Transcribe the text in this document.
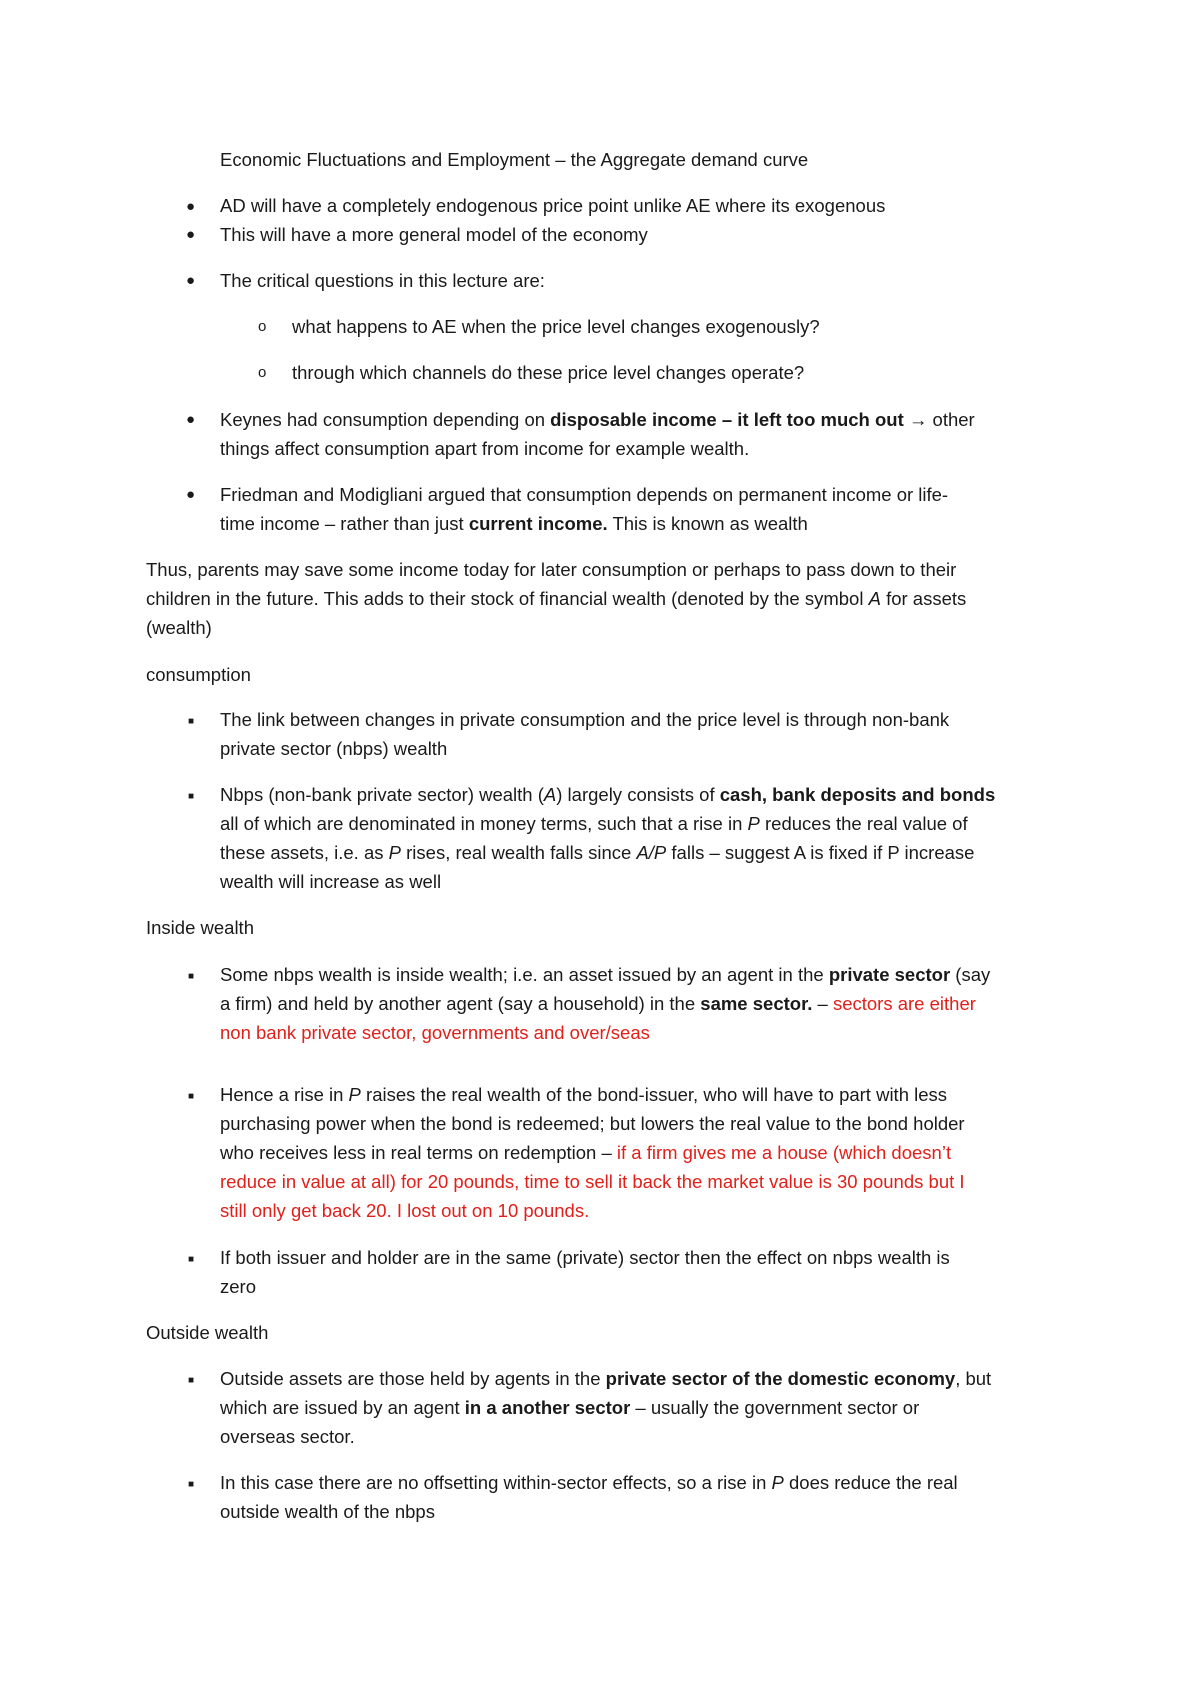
Economic Fluctuations and Employment – the Aggregate demand curve
● AD will have a completely endogenous price point unlike AE where its exogenous
● This will have a more general model of the economy
● The critical questions in this lecture are:
o what happens to AE when the price level changes exogenously?
o through which channels do these price level changes operate?
● Keynes had consumption depending on disposable income – it left too much out → other
things affect consumption apart from income for example wealth.
● Friedman and Modigliani argued that consumption depends on permanent income or life-
time income – rather than just current income. This is known as wealth
Thus, parents may save some income today for later consumption or perhaps to pass down to their
children in the future. This adds to their stock of financial wealth (denoted by the symbol A for assets
(wealth)
consumption
■ The link between changes in private consumption and the price level is through non-bank
private sector (nbps) wealth
■ Nbps (non-bank private sector) wealth (A) largely consists of cash, bank deposits and bonds
all of which are denominated in money terms, such that a rise in P reduces the real value of
these assets, i.e. as P rises, real wealth falls since A/P falls – suggest A is fixed if P increase
wealth will increase as well
Inside wealth
■ Some nbps wealth is inside wealth; i.e. an asset issued by an agent in the private sector (say
a firm) and held by another agent (say a household) in the same sector. – sectors are either
non bank private sector, governments and over/seas
■ Hence a rise in P raises the real wealth of the bond-issuer, who will have to part with less
purchasing power when the bond is redeemed; but lowers the real value to the bond holder
who receives less in real terms on redemption – if a firm gives me a house (which doesn’t
reduce in value at all) for 20 pounds, time to sell it back the market value is 30 pounds but I
still only get back 20. I lost out on 10 pounds.
■ If both issuer and holder are in the same (private) sector then the effect on nbps wealth is
zero
Outside wealth
■ Outside assets are those held by agents in the private sector of the domestic economy, but
which are issued by an agent in a another sector – usually the government sector or
overseas sector.
■ In this case there are no offsetting within-sector effects, so a rise in P does reduce the real
outside wealth of the nbps
